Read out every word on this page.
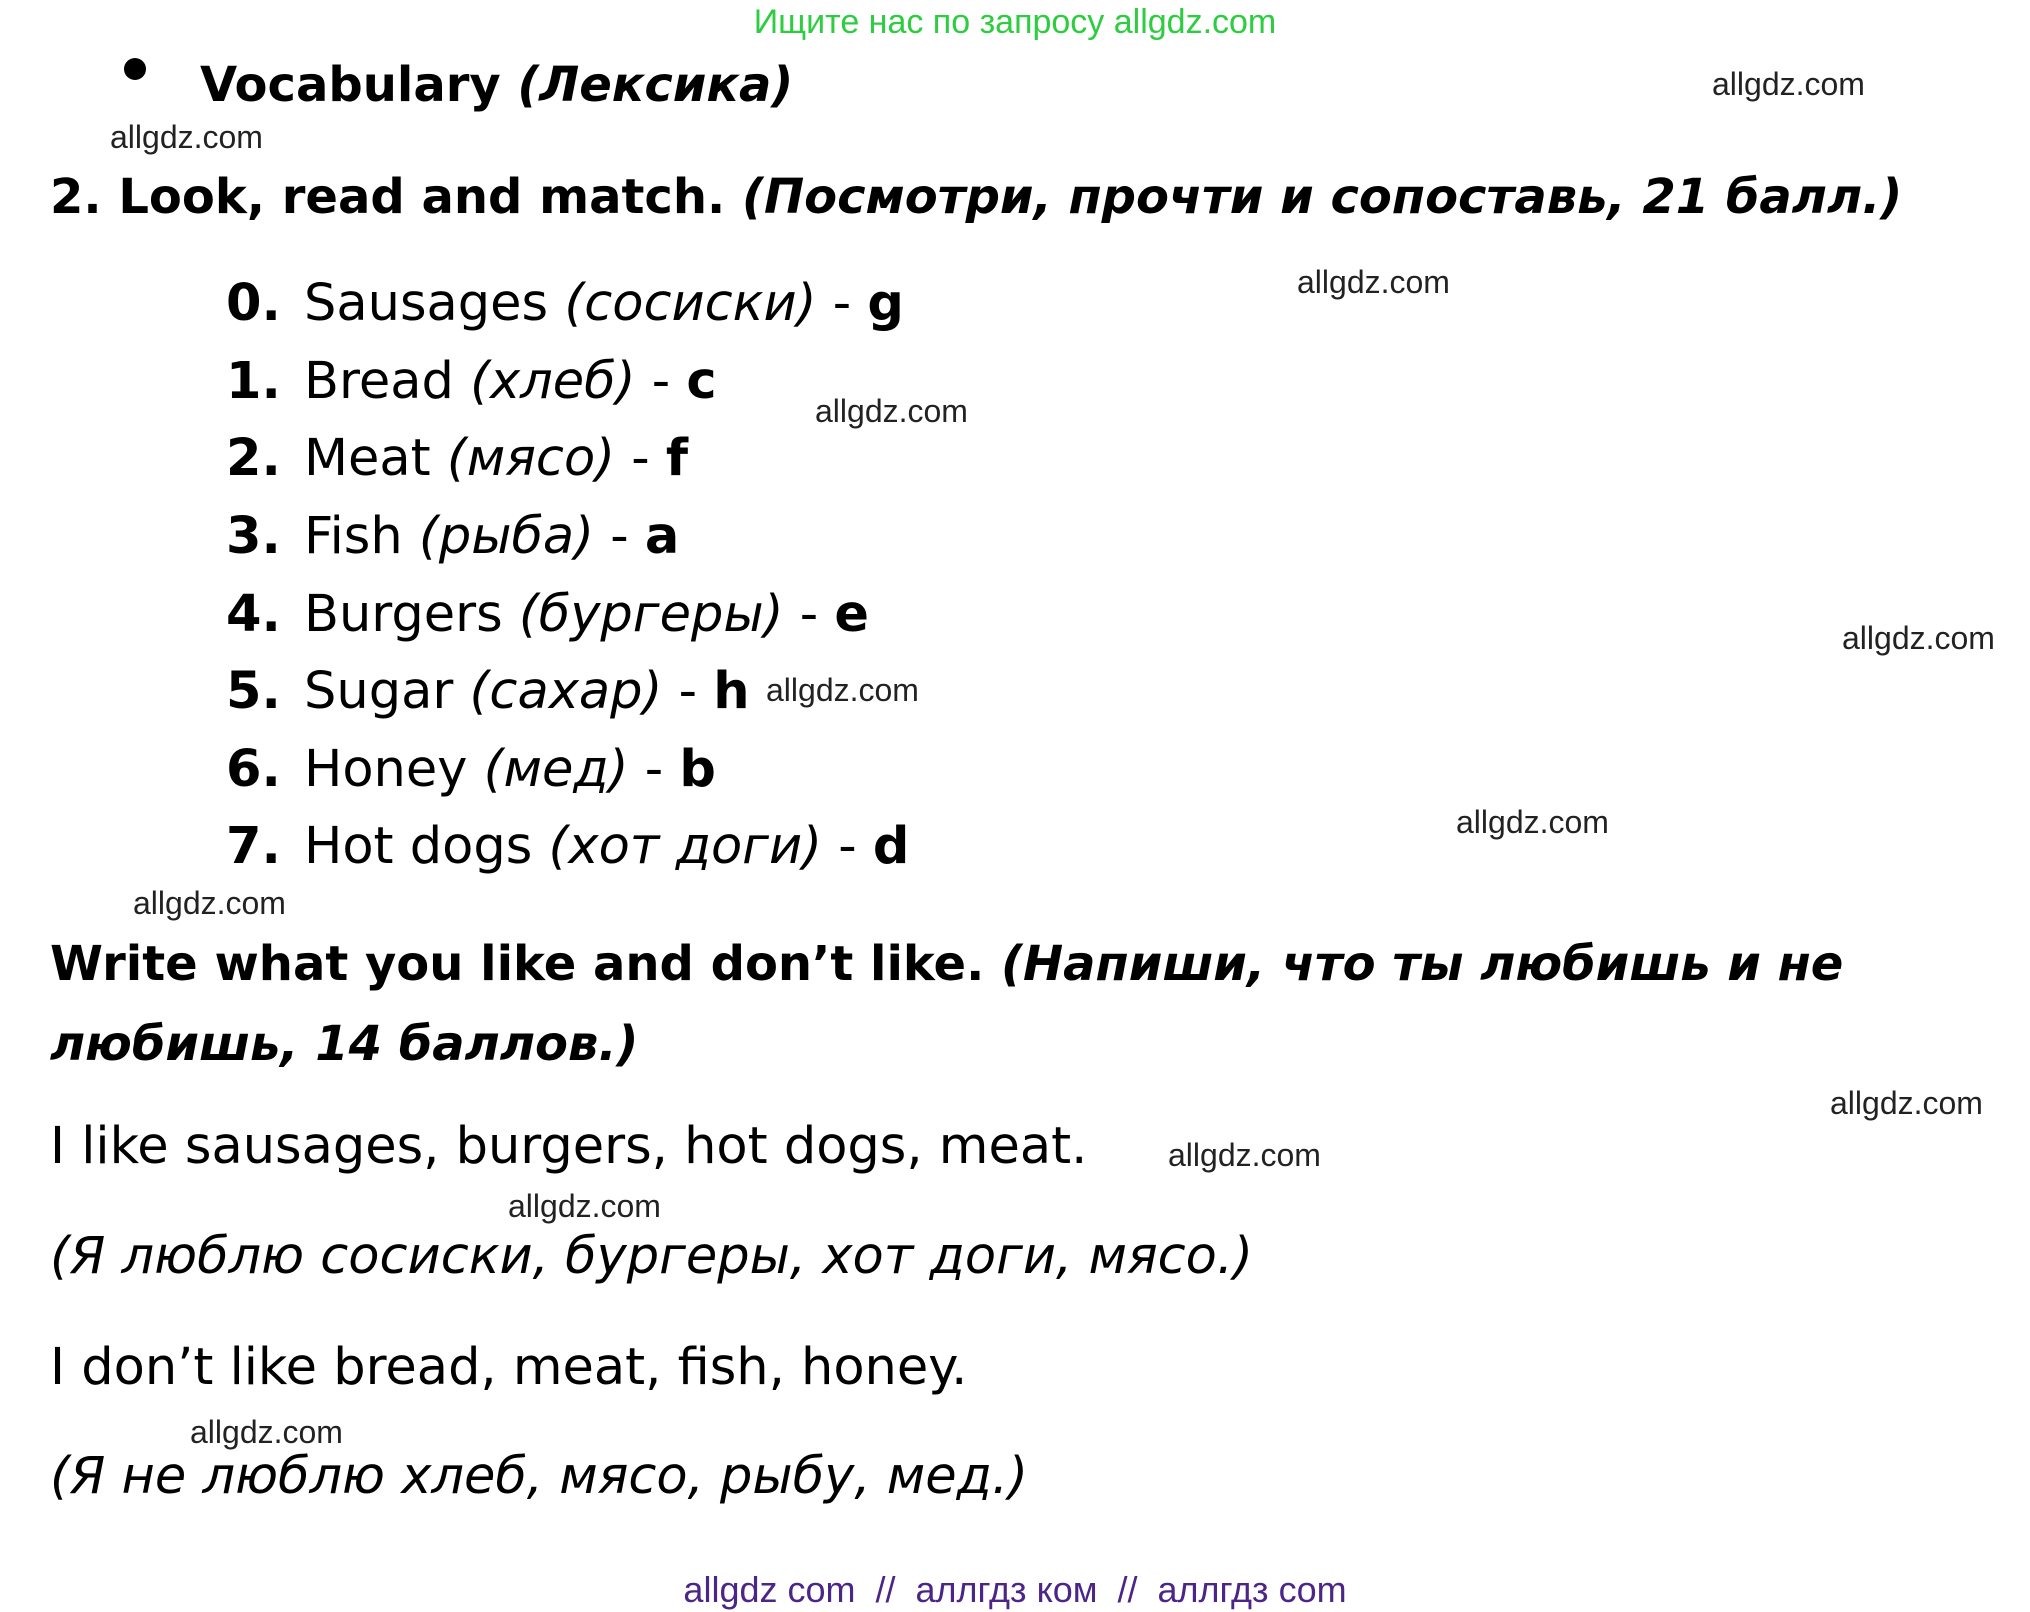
Ищите нас по запросу allgdz.com
Vocabulary (Лексика)
2. Look, read and match. (Посмотри, прочти и сопоставь, 21 балл.)
0. Sausages (сосиски) - g
1. Bread (хлеб) - c
2. Meat (мясо) - f
3. Fish (рыба) - a
4. Burgers (бургеры) - e
5. Sugar (сахар) - h
6. Honey (мед) - b
7. Hot dogs (хот доги) - d
Write what you like and don’t like. (Напиши, что ты любишь и не любишь, 14 баллов.)
I like sausages, burgers, hot dogs, meat.
(Я люблю сосиски, бургеры, хот доги, мясо.)
I don’t like bread, meat, fish, honey.
(Я не люблю хлеб, мясо, рыбу, мед.)
allgdz.com
allgdz.com
allgdz.com
allgdz.com
allgdz.com
allgdz.com
allgdz.com
allgdz.com
allgdz.com
allgdz.com
allgdz.com
allgdz.com
allgdz com  //  аллгдз ком  //  аллгдз com
